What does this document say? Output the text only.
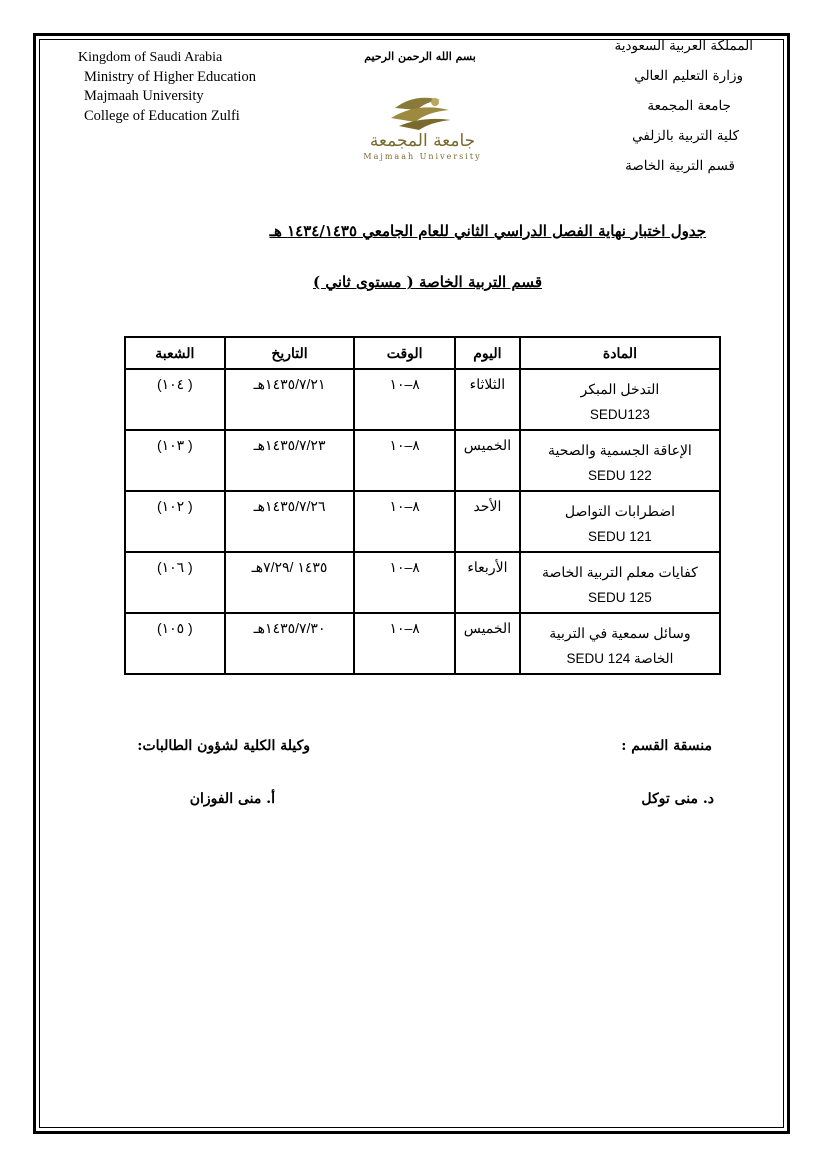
Kingdom of Saudi Arabia
Ministry of Higher Education
Majmaah University
College of Education Zulfi
المملكة العربية السعودية
وزارة التعليم العالي
جامعة المجمعة
كلية التربية بالزلفي
قسم التربية الخاصة
بسم الله الرحمن الرحيم
جامعة المجمعة
Majmaah University
جدول اختبار نهاية الفصل الدراسي الثاني للعام الجامعي ١٤٣٤/١٤٣٥ هـ
قسم التربية الخاصة ( مستوى ثاني )
المادة	اليوم	الوقت	التاريخ	الشعبة
التدخل المبكر
SEDU123	الثلاثاء	٨–١٠	١٤٣٥/٧/٢١هـ	( ١٠٤)
الإعاقة الجسمية والصحية
SEDU 122	الخميس	٨–١٠	١٤٣٥/٧/٢٣هـ	( ١٠٣)
اضطرابات التواصل
SEDU 121	الأحد	٨–١٠	١٤٣٥/٧/٢٦هـ	( ١٠٢)
كفايات معلم التربية الخاصة
SEDU 125	الأربعاء	٨–١٠	١٤٣٥ /٧/٢٩هـ	( ١٠٦)
وسائل سمعية في التربية
الخاصة 124 SEDU	الخميس	٨–١٠	١٤٣٥/٧/٣٠هـ	( ١٠٥)
منسقة القسم :
د. منى توكل
وكيلة الكلية لشؤون الطالبات:
أ. منى الفوزان
